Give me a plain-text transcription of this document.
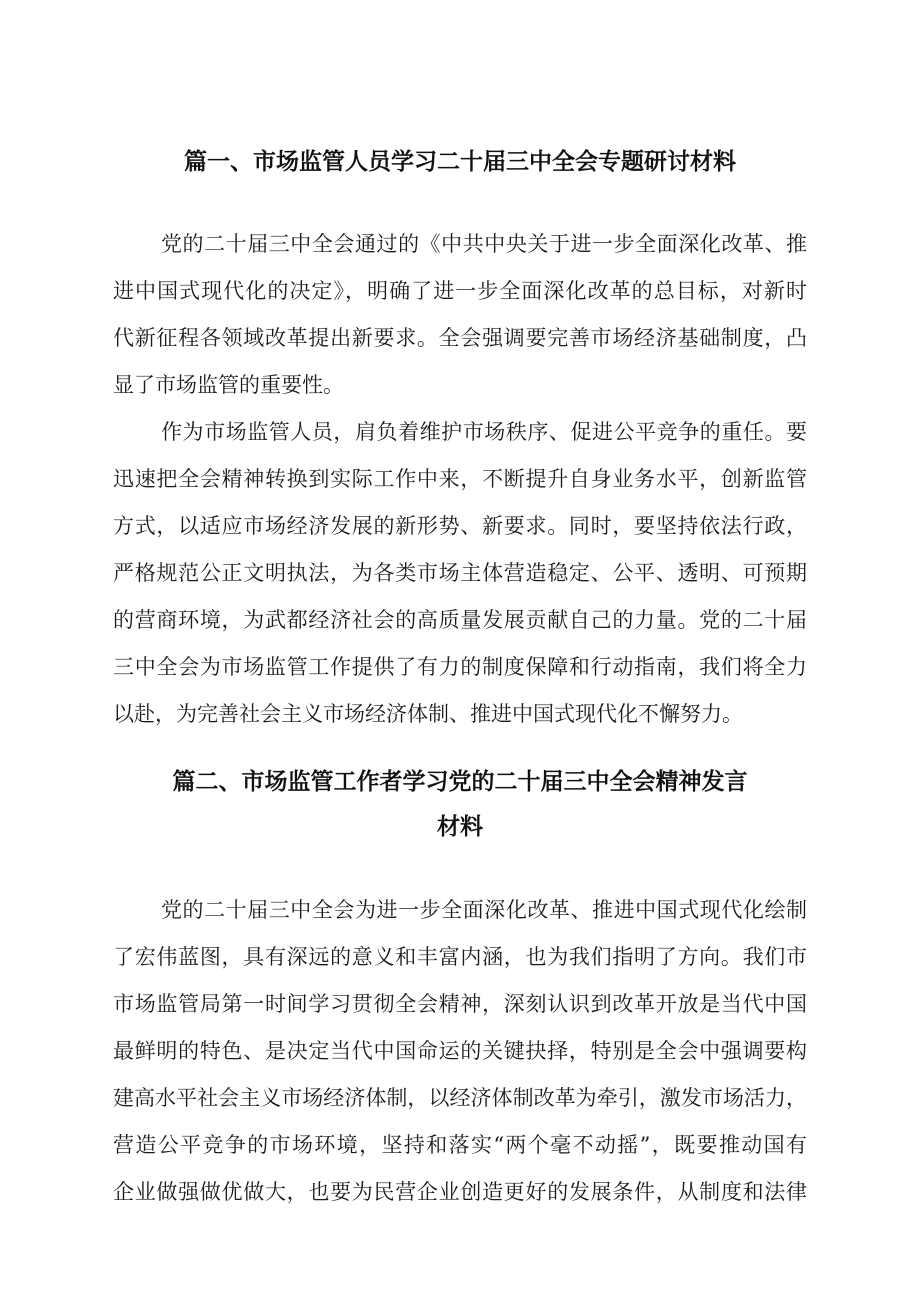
篇一、市场监管人员学习二十届三中全会专题研讨材料
党的二十届三中全会通过的《中共中央关于进一步全面深化改革、推
进中国式现代化的决定》，明确了进一步全面深化改革的总目标，对新时
代新征程各领域改革提出新要求。全会强调要完善市场经济基础制度，凸
显了市场监管的重要性。
作为市场监管人员，肩负着维护市场秩序、促进公平竞争的重任。要
迅速把全会精神转换到实际工作中来，不断提升自身业务水平，创新监管
方式，以适应市场经济发展的新形势、新要求。同时，要坚持依法行政，
严格规范公正文明执法，为各类市场主体营造稳定、公平、透明、可预期
的营商环境，为武都经济社会的高质量发展贡献自己的力量。党的二十届
三中全会为市场监管工作提供了有力的制度保障和行动指南，我们将全力
以赴，为完善社会主义市场经济体制、推进中国式现代化不懈努力。
篇二、市场监管工作者学习党的二十届三中全会精神发言
材料
党的二十届三中全会为进一步全面深化改革、推进中国式现代化绘制
了宏伟蓝图，具有深远的意义和丰富内涵，也为我们指明了方向。我们市
市场监管局第一时间学习贯彻全会精神，深刻认识到改革开放是当代中国
最鲜明的特色、是决定当代中国命运的关键抉择，特别是全会中强调要构
建高水平社会主义市场经济体制，以经济体制改革为牵引，激发市场活力，
营造公平竞争的市场环境，坚持和落实“两个毫不动摇”，既要推动国有
企业做强做优做大，也要为民营企业创造更好的发展条件，从制度和法律
